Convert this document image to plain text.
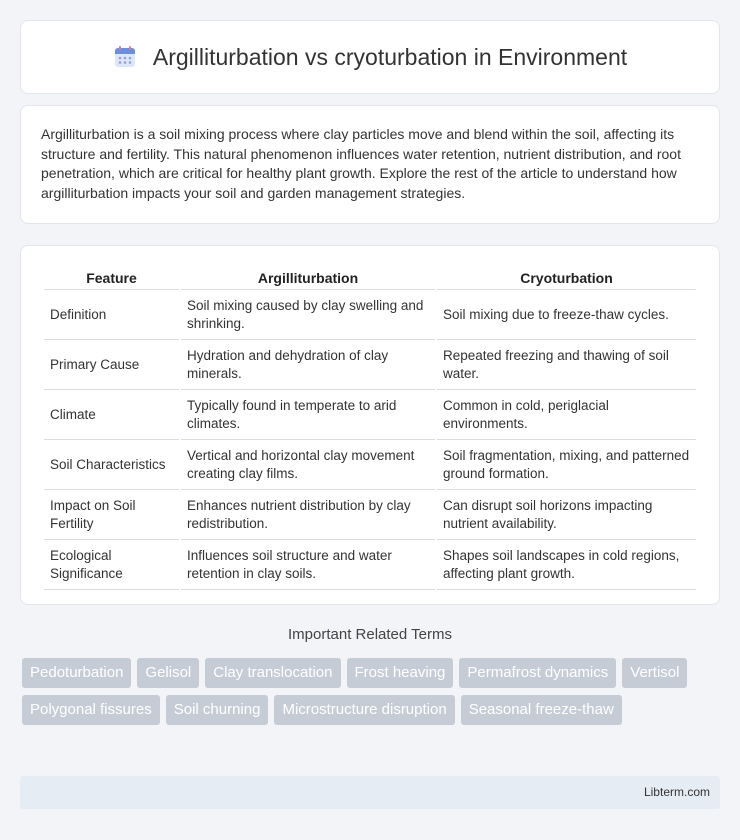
Argilliturbation vs cryoturbation in Environment

Argilliturbation is a soil mixing process where clay particles move and blend within the soil, affecting its structure and fertility. This natural phenomenon influences water retention, nutrient distribution, and root penetration, which are critical for healthy plant growth. Explore the rest of the article to understand how argilliturbation impacts your soil and garden management strategies.

Feature	Argilliturbation	Cryoturbation
Definition	Soil mixing caused by clay swelling and shrinking.	Soil mixing due to freeze-thaw cycles.
Primary Cause	Hydration and dehydration of clay minerals.	Repeated freezing and thawing of soil water.
Climate	Typically found in temperate to arid climates.	Common in cold, periglacial environments.
Soil Characteristics	Vertical and horizontal clay movement creating clay films.	Soil fragmentation, mixing, and patterned ground formation.
Impact on Soil Fertility	Enhances nutrient distribution by clay redistribution.	Can disrupt soil horizons impacting nutrient availability.
Ecological Significance	Influences soil structure and water retention in clay soils.	Shapes soil landscapes in cold regions, affecting plant growth.
Important Related Terms
Pedoturbation	Gelisol	Clay translocation	Frost heaving	Permafrost dynamics	Vertisol
Polygonal fissures	Soil churning	Microstructure disruption	Seasonal freeze-thaw
Libterm.com
